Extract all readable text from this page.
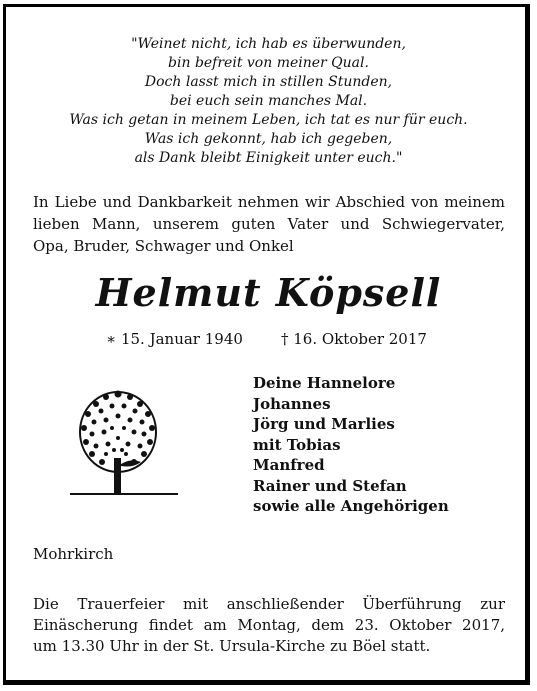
"Weinet nicht, ich hab es überwunden,
bin befreit von meiner Qual.
Doch lasst mich in stillen Stunden,
bei euch sein manches Mal.
Was ich getan in meinem Leben, ich tat es nur für euch.
Was ich gekonnt, hab ich gegeben,
als Dank bleibt Einigkeit unter euch."
In Liebe und Dankbarkeit nehmen wir Abschied von meinem
lieben Mann, unserem guten Vater und Schwiegervater,
Opa, Bruder, Schwager und Onkel
Helmut Köpsell
∗ 15. Januar 1940	† 16. Oktober 2017
Deine Hannelore
Johannes
Jörg und Marlies
mit Tobias
Manfred
Rainer und Stefan
sowie alle Angehörigen
Mohrkirch
Die Trauerfeier mit anschließender Überführung zur
Einäscherung findet am Montag, dem 23. Oktober 2017,
um 13.30 Uhr in der St. Ursula-Kirche zu Böel statt.
